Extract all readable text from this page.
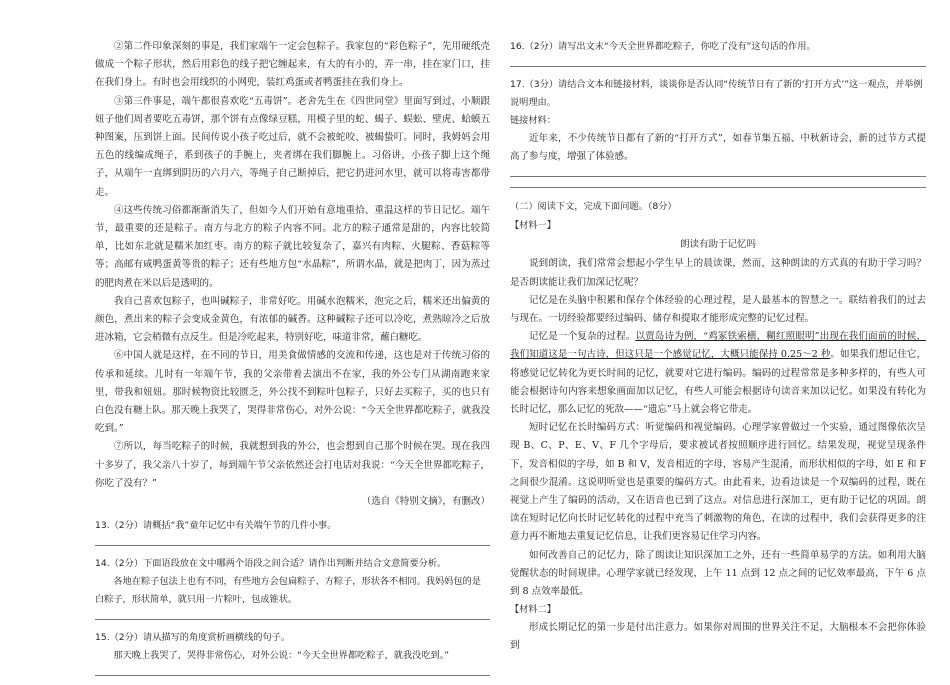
②第二件印象深刻的事是，我们家端午一定会包粽子。我家包的“彩色粽子”，先用硬纸壳做成一个粽子形状，然后用彩色的线子把它缠起来，有大的有小的，弄一串，挂在家门口，挂在我们身上。有时也会用线织的小网兜，装红鸡蛋或者鸭蛋挂在我们身上。

③第三件事是，端午都很喜欢吃“五毒饼”。老舍先生在《四世同堂》里面写到过，小顺跟妞子他们周者要吃五毒饼，那个饼有点像绿豆糕，用模子里的蛇、蝎子、蜈蚣、壁虎、蛤蟆五种图案，压到饼上面。民间传说小孩子吃过后，就不会被蛇咬、被蝎蛰叮。同时，我姆妈会用五色的线编成绳子，系到孩子的手腕上，夹者绑在我们脚腕上。习俗讲，小孩子脚上这个绳子，从端午一直绑到阴历的六月六，等绳子自己断掉后，把它扔进河水里，就可以将毒害都带走。

④这些传统习俗都渐渐消失了，但如今人们开始有意地重拾、重温这样的节日记忆。端午节，最重要的还是粽子。南方与北方的粽子内容不同。北方的粽子通常是甜的，内容比较简单，比如东北就是糯米加红枣。南方的粽子就比较复杂了，嘉兴有肉粽、火腿粽、香菇粽等等；高邮有咸鸭蛋黄等贵的粽子；还有些地方包“水晶粽”，所谓水晶，就是把肉丁，因为蒸过的肥肉煮在米以后是透明的。

我自己喜欢包粽子，也叫碱粽子，非常好吃。用碱水泡糯米，泡完之后，糯米还出偏黄的颜色，煮出来的粽子会变成金黄色，有浓郁的碱香。这种碱粽子还可以冷吃，煮熟晾冷之后放进冰箱，它会稍微有点反生。但是冷吃起来，特别好吃，味道非常，蘸白糖吃。

⑥中国人就是这样，在不同的节日，用美食做情感的交流和传递，这也是对于传统习俗的传承和延续。儿时有一年端午节，我的父亲带着去演出不在家，我的外公专门从湖南跑来家里，带我和妞妞。那时候物资比较匮乏，外公找不到粽叶包粽子，只好去买粽子，买的也只有白色没有糖上队。那天晚上我哭了，哭得非常伤心，对外公说：“今天全世界都吃粽子，就我没吃到。”

⑦所以，每当吃粽子的时候，我就想到我的外公，也会想到自己那个时候在哭。现在我四十多岁了，我父亲八十岁了，每到端午节父亲依然还会打电话对我说：“今天全世界都吃粽子，你吃了没有？”

（选自《特别文摘》，有删改）

13.（2分）请概括“我”童年记忆中有关端午节的几件小事。

14.（2分）下面语段放在文中哪两个语段之间合适？请作出判断并结合文意简要分析。

各地在粽子包法上也有不同，有些地方会包扁粽子、方粽子，形状各不相同。我妈妈包的是白粽子，形状简单，就只用一片粽叶，包成锥状。

15.（2分）请从描写的角度赏析画横线的句子。

那天晚上我哭了，哭得非常伤心，对外公说：“今天全世界都吃粽子，就我没吃到。”

16.（2分）请写出文末“今天全世界都吃粽子，你吃了没有”这句话的作用。

17.（3分）请结合文本和链接材料，谈谈你是否认同“传统节日有了新的‘打开方式’”这一观点，并举例说明理由。

链接材料：

近年来，不少传统节日都有了新的“打开方式”，如春节集五福、中秋新诗会，新的过节方式提高了参与度，增强了体验感。

（二）阅读下文，完成下面问题。（8分）

【材料一】

朗读有助于记忆吗

说到朗读，我们常常会想起小学生早上的晨读课，然而，这种朗读的方式真的有助于学习吗？是否朗读能让我们加深记忆呢？

记忆是在头脑中积累和保存个体经验的心理过程，是人最基本的智慧之一。联结着我们的过去与现在。一切经验都要经过编码、储存和提取才能形成完整的记忆过程。

记忆是一个复杂的过程。以贾岛诗为例，“鸡冢铁索横，糊红照眼明”出现在我们面前的时候，我们知道这是一句古诗，但这只是一个感觉记忆，大概只能保持 0.25～2 秒。如果我们想记住它，将感觉记忆转化为更长时间的记忆，就要对它进行编码。编码的过程常常是多种多样的，有些人可能会根据诗句内容来想象画面加以记忆，有些人可能会根据诗句读音来加以记忆。如果没有转化为长时记忆，那么记忆的死敌——“遗忘”马上就会将它带走。

短时记忆在长时编码方式：听觉编码和视觉编码。心理学家曾做过一个实验，通过图像依次呈现 B、C、P、E、V、F 几个字母后，要求被试者按照顺序进行回忆。结果发现，视觉呈现条件下，发音相似的字母，如 B 和 V，发音相近的字母，容易产生混淆，而形状相似的字母，如 E 和 F 之间很少混淆。这说明听觉也是重要的编码方式。由此看来，边看边读是一个双编码的过程，既在视觉上产生了编码的活动，又在语音也已到了这点。对信息进行深加工，更有助于记忆的巩固。朗读在短时记忆向长时记忆转化的过程中充当了刺激物的角色，在读的过程中，我们会获得更多的注意力再不断地去重复记忆信息，让我们更容易记住学习内容。

如何改善自己的记忆力，除了朗读让知识深加工之外，还有一些简单易学的方法。如利用大脑觉醒状态的时间规律。心理学家就已经发现，上午 11 点到 12 点之间的记忆效率最高，下午 6 点到 8 点效率最低。

【材料二】

形成长期记忆的第一步是付出注意力。如果你对周围的世界关注不足，大脑根本不会把你体验到
